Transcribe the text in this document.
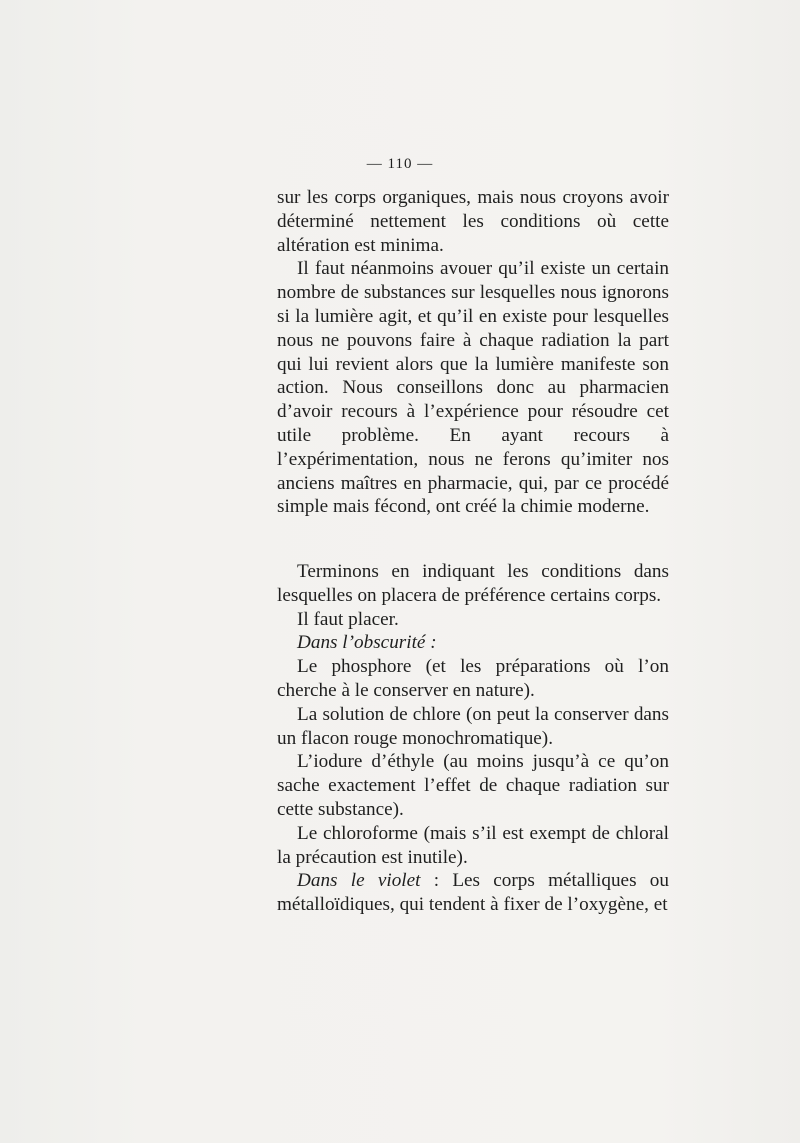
— 110 —

sur les corps organiques, mais nous croyons avoir déterminé nettement les conditions où cette altération est minima.

Il faut néanmoins avouer qu’il existe un certain nombre de substances sur lesquelles nous ignorons si la lumière agit, et qu’il en existe pour lesquelles nous ne pouvons faire à chaque radiation la part qui lui revient alors que la lumière manifeste son action. Nous conseillons donc au pharmacien d’avoir recours à l’expérience pour résoudre cet utile problème. En ayant recours à l’expérimentation, nous ne ferons qu’imiter nos anciens maîtres en pharmacie, qui, par ce procédé simple mais fécond, ont créé la chimie moderne.

Terminons en indiquant les conditions dans lesquelles on placera de préférence certains corps.

Il faut placer.

Dans l’obscurité :

Le phosphore (et les préparations où l’on cherche à le conserver en nature).

La solution de chlore (on peut la conserver dans un flacon rouge monochromatique).

L’iodure d’éthyle (au moins jusqu’à ce qu’on sache exactement l’effet de chaque radiation sur cette substance).

Le chloroforme (mais s’il est exempt de chloral la précaution est inutile).

Dans le violet : Les corps métalliques ou métalloïdiques, qui tendent à fixer de l’oxygène, et
